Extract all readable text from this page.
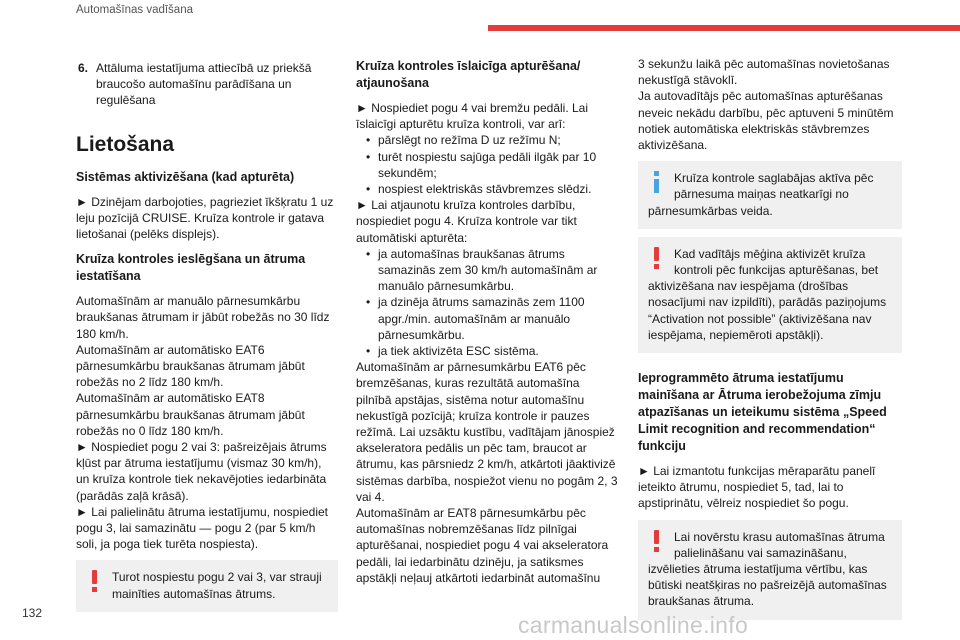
Automašīnas vadīšana
6. Attāluma iestatījuma attiecībā uz priekšā braucošo automašīnu parādīšana un regulēšana
Lietošana
Sistēmas aktivizēšana (kad apturēta)

► Dzinējam darbojoties, pagrieziet īkšķratu 1 uz leju pozīcijā CRUISE. Kruīza kontrole ir gatava lietošanai (pelēks displejs).

Kruīza kontroles ieslēgšana un ātruma iestatīšana

Automašīnām ar manuālo pārnesumkārbu braukšanas ātrumam ir jābūt robežās no 30 līdz 180 km/h.

Automašīnām ar automātisko EAT6 pārnesumkārbu braukšanas ātrumam jābūt robežās no 2 līdz 180 km/h.

Automašīnām ar automātisko EAT8 pārnesumkārbu braukšanas ātrumam jābūt robežās no 0 līdz 180 km/h.

► Nospiediet pogu 2 vai 3: pašreizējais ātrums kļūst par ātruma iestatījumu (vismaz 30 km/h), un kruīza kontrole tiek nekavējoties iedarbināta (parādās zaļā krāsā).

► Lai palielinātu ātruma iestatījumu, nospiediet pogu 3, lai samazinātu — pogu 2 (par 5 km/h soli, ja poga tiek turēta nospiesta).

Turot nospiestu pogu 2 vai 3, var strauji mainīties automašīnas ātrums.
Kruīza kontroles īslaicīga apturēšana/ atjaunošana

► Nospiediet pogu 4 vai bremžu pedāli. Lai īslaicīgi apturētu kruīza kontroli, var arī:

• pārslēgt no režīma D uz režīmu N;
• turēt nospiestu sajūga pedāli ilgāk par 10 sekundēm;
• nospiest elektriskās stāvbremzes slēdzi.

► Lai atjaunotu kruīza kontroles darbību, nospiediet pogu 4. Kruīza kontrole var tikt automātiski apturēta:

• ja automašīnas braukšanas ātrums samazinās zem 30 km/h automašīnām ar manuālo pārnesumkārbu.
• ja dzinēja ātrums samazinās zem 1100 apgr./min. automašīnām ar manuālo pārnesumkārbu.
• ja tiek aktivizēta ESC sistēma.

Automašīnām ar pārnesumkārbu EAT6 pēc bremzēšanas, kuras rezultātā automašīna pilnībā apstājas, sistēma notur automašīnu nekustīgā pozīcijā; kruīza kontrole ir pauzes režīmā. Lai uzsāktu kustību, vadītājam jānospiež akseleratora pedālis un pēc tam, braucot ar ātrumu, kas pārsniedz 2 km/h, atkārtoti jāaktivizē sistēmas darbība, nospiežot vienu no pogām 2, 3 vai 4.

Automašīnām ar EAT8 pārnesumkārbu pēc automašīnas nobremzēšanas līdz pilnīgai apturēšanai, nospiediet pogu 4 vai akseleratora pedāli, lai iedarbinātu dzinēju, ja satiksmes apstākļi neļauj atkārtoti iedarbināt automašīnu

3 sekunžu laikā pēc automašīnas novietošanas nekustīgā stāvoklī.

Ja autovadītājs pēc automašīnas apturēšanas neveic nekādu darbību, pēc aptuveni 5 minūtēm notiek automātiska elektriskās stāvbremzes aktivizēšana.

Kruīza kontrole saglabājas aktīva pēc pārnesuma maiņas neatkarīgi no pārnesumkārbas veida.
Kad vadītājs mēģina aktivizēt kruīza kontroli pēc funkcijas apturēšanas, bet aktivizēšana nav iespējama (drošības nosacījumi nav izpildīti), parādās paziņojums “Activation not possible” (aktivizēšana nav iespējama, nepiemēroti apstākļi).
Ieprogrammēto ātruma iestatījumu mainīšana ar Ātruma ierobežojuma zīmju atpazīšanas un ieteikumu sistēma „Speed Limit recognition and recommendation“ funkciju

► Lai izmantotu funkcijas mēraparātu panelī ieteikto ātrumu, nospiediet 5, tad, lai to apstiprinātu, vēlreiz nospiediet šo pogu.

Lai novērstu krasu automašīnas ātruma palielināšanu vai samazināšanu, izvēlieties ātruma iestatījuma vērtību, kas būtiski neatšķiras no pašreizējā automašīnas braukšanas ātruma.
132	carmanualsonline.info
